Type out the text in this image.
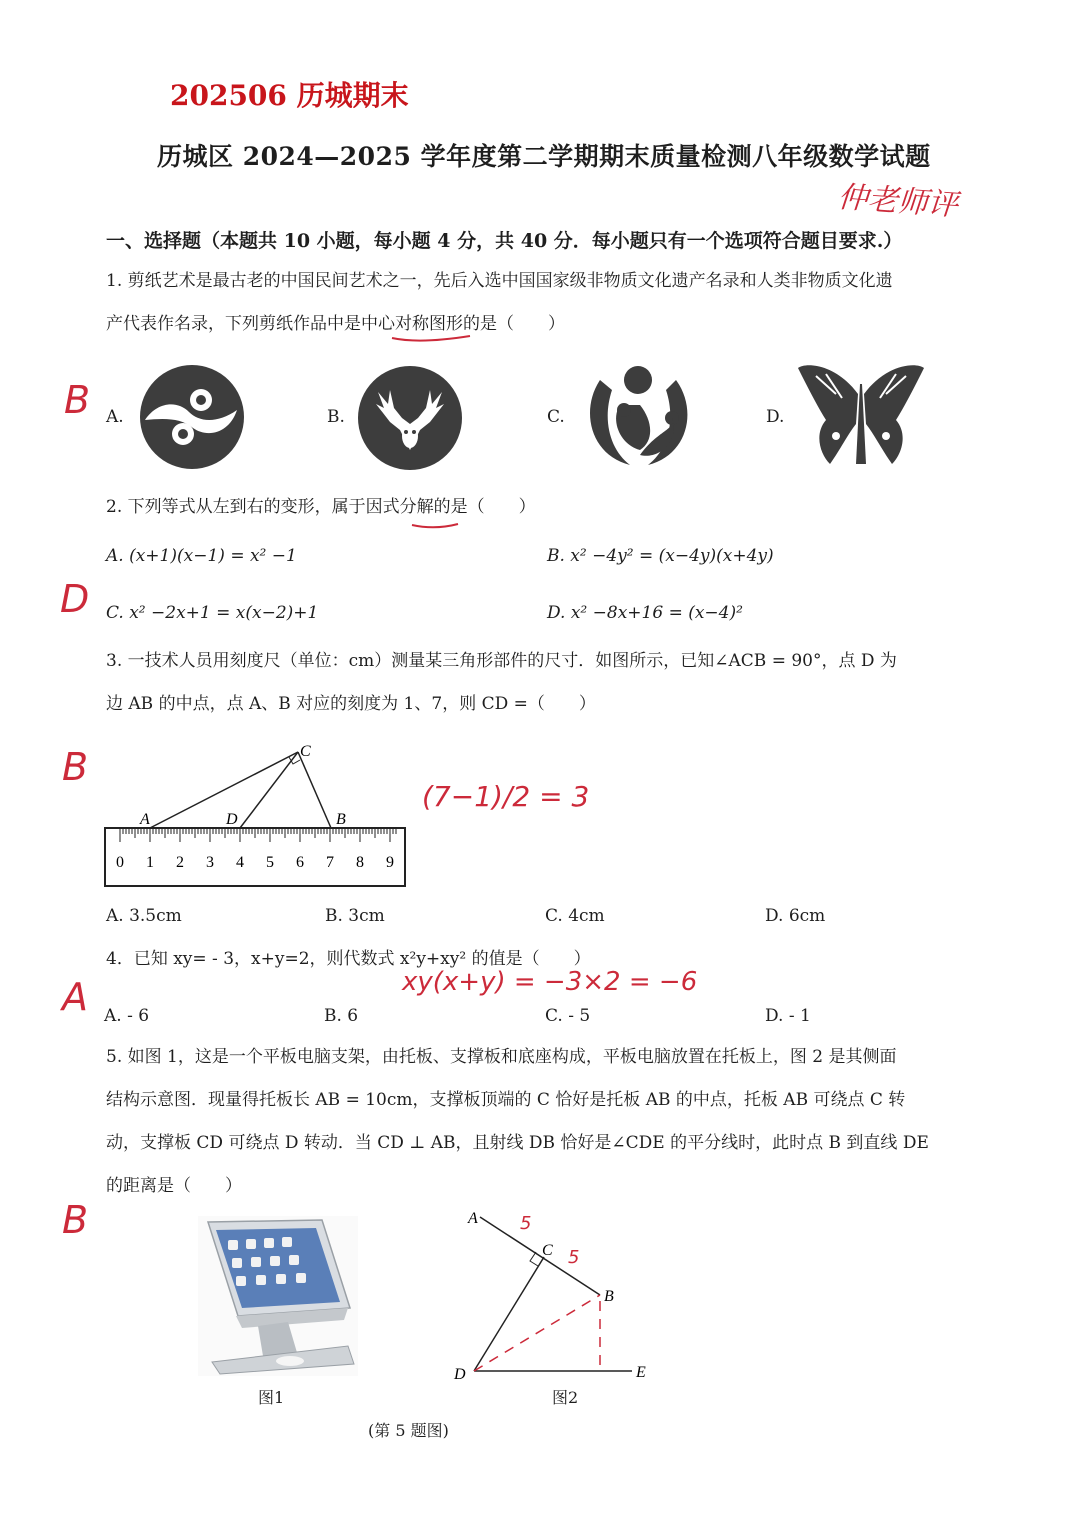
202506 历城期末
历城区 2024—2025 学年度第二学期期末质量检测八年级数学试题
仲老师评
一、选择题（本题共 10 小题，每小题 4 分，共 40 分．每小题只有一个选项符合题目要求.）
1. 剪纸艺术是最古老的中国民间艺术之一，先后入选中国国家级非物质文化遗产名录和人类非物质文化遗
产代表作名录，下列剪纸作品中是中心对称图形的是（　　）
B A.	B.	C.	D.
2. 下列等式从左到右的变形，属于因式分解的是（　　）
D
A. (x+1)(x−1) = x² −1	B. x² −4y² = (x−4y)(x+4y)
C. x² −2x+1 = x(x−2)+1	D. x² −8x+16 = (x−4)²
3. 一技术人员用刻度尺（单位：cm）测量某三角形部件的尺寸．如图所示，已知∠ACB = 90°，点 D 为
边 AB 的中点，点 A、B 对应的刻度为 1、7，则 CD =（　　）
B
(7−1)/2 = 3
A	D	B
C
0 1 2 3 4 5 6 7 8 9
A. 3.5cm	B. 3cm	C. 4cm	D. 6cm
4．已知 xy= - 3，x+y=2，则代数式 x²y+xy² 的值是（　　）
A	xy(x+y) = −3×2 = −6
A. - 6	B. 6	C. - 5	D. - 1
5. 如图 1，这是一个平板电脑支架，由托板、支撑板和底座构成，平板电脑放置在托板上，图 2 是其侧面
结构示意图．现量得托板长 AB = 10cm，支撑板顶端的 C 恰好是托板 AB 的中点，托板 AB 可绕点 C 转
动，支撑板 CD 可绕点 D 转动．当 CD ⊥ AB，且射线 DB 恰好是∠CDE 的平分线时，此时点 B 到直线 DE
的距离是（　　）
B
图1
A
C
B
D	E
5
5
图2
(第 5 题图)
